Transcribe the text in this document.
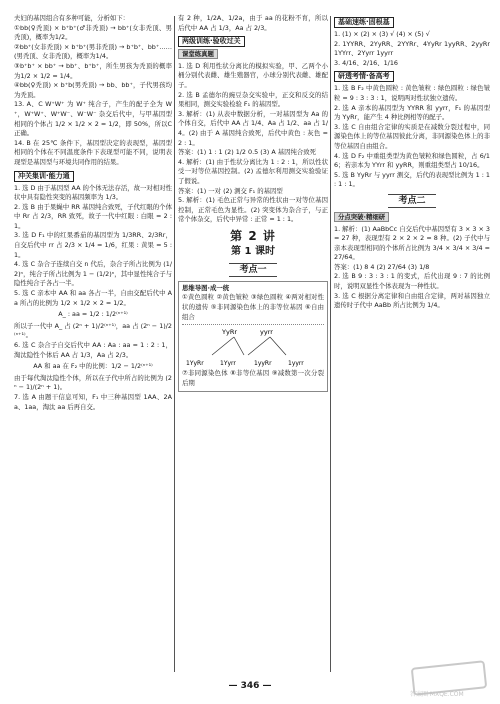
夫妇的基因组合有多种可能，分析如下：

①bb(♀秃顶) × b⁺b⁺(♂非秃顶) → bb⁺(女非秃顶、男秃顶)，概率为1/2。

②bb⁺(女非秃顶) × b⁺b⁺(男非秃顶) → b⁺b⁺、bb⁺……(男秃顶、女非秃顶)，概率为1/4。

③b⁺b⁺ × bb⁺ → bb⁺、b⁺b⁺，所生男孩为秃顶的概率为1/2 × 1/2 = 1/4。

④bb(♀秃顶) × b⁺b(男秃顶) → bb、bb⁺，子代男孩均为秃顶。

13. A、C W⁺W⁺ 为 W⁺ 纯合子，产生的配子全为 W⁺，W⁺W⁺、W⁺W⁻、W⁻W⁻ 杂交后代中，与甲基因型相同的个体占 1/2 × 1/2 × 2 = 1/2，即 50%，所以C正确。

14. B 在 25℃ 条件下，基因型决定的表现型，基因型相同的个体在不同温度条件下表现型可能不同，说明表现型是基因型与环境共同作用的结果。

冲关集训·能力通

1. 选 D 由于基因型 AA 的个体无法存活，故一对相对性状中具有隐性突变的基因频率为 1/3。

2. 选 B 由于果蝇中 RR 基因纯合致死，子代红眼的个体中 Rr 占 2/3，RR 致死，故子一代中红眼 : 白眼 = 2 : 1。

3. 选 D F₁ 中的红果番茄的基因型为 1/3RR、2/3Rr，自交后代中 rr 占 2/3 × 1/4 = 1/6，红果 : 黄果 = 5 : 1。

4. 选 C 杂合子连续自交 n 代后，杂合子所占比例为 (1/2)ⁿ，纯合子所占比例为 1 − (1/2)ⁿ，其中显性纯合子与隐性纯合子各占一半。

5. 选 C 亲本中 AA 和 aa 各占一半，自由交配后代中 Aa 所占的比例为 1/2 × 1/2 × 2 = 1/2。

A_ : aa = 1/2 : 1/2⁽ⁿ⁺¹⁾

所以子一代中 A_ 占 (2ⁿ + 1)/2⁽ⁿ⁺¹⁾，aa 占 (2ⁿ − 1)/2⁽ⁿ⁺¹⁾。

6. 选 C 杂合子自交后代中 AA : Aa : aa = 1 : 2 : 1，淘汰隐性个体后 AA 占 1/3，Aa 占 2/3。

AA 和 aa 在 F₂ 中的比例：1/2 − 1/2⁽ⁿ⁺¹⁾

由于每代淘汰隐性个体，所以在子代中所占的比例为 (2ⁿ − 1)/(2ⁿ + 1)。

7. 选 A 由题干信息可知，F₁ 中三种基因型 1AA、2Aa、1aa，淘汰 aa 后再自交。

有 2 种，1/2A、1/2a，由于 aa 的花粉不育，所以后代中 AA 占 1/3，Aa 占 2/3。

两级训练·验收过关
课堂练真题

1. 选 D 利用性状分离比的模拟实验，甲、乙两个小桶分别代表雌、雄生殖器官，小球分别代表雌、雄配子。

2. 选 B 孟德尔的豌豆杂交实验中，正交和反交的结果相同，测交实验检验 F₁ 的基因型。

3. 解析：(1) 从表中数据分析，一对基因型为 Aa 的个体自交，后代中 AA 占 1/4、Aa 占 1/2、aa 占 1/4。(2) 由于 A 基因纯合致死，后代中黄色 : 灰色 = 2 : 1。

答案：(1) 1 : 1 (2) 1/2 0.5 (3) A 基因纯合致死

4. 解析：(1) 由于性状分离比为 1 : 2 : 1，所以性状受一对等位基因控制。(2) 孟德尔利用测交实验验证了假说。

答案：(1) 一对 (2) 测交 F₁ 的基因型

5. 解析：(1) 毛色正常与异常的性状由一对等位基因控制，正常毛色为显性。(2) 突变体为杂合子，与正常个体杂交，后代中异常 : 正常 = 1 : 1。

第 2 讲
第 1 课时
考点一
思维导图·成一统

①黄色圆粒 ②黄色皱粒 ③绿色圆粒 ④两对相对性状的遗传 ⑤非同源染色体上的非等位基因 ⑥自由组合

YyRr	yyrr
1YyRr	1Yyrr	1yyRr	1yyrr

⑦非同源染色体 ⑧非等位基因 ⑨减数第一次分裂后期

基础速练·固根基

1. (1) × (2) × (3) √ (4) × (5) √

2. 1YYRR、2YyRR、2YYRr、4YyRr 1yyRR、2yyRr 1YYrr、2Yyrr 1yyrr

3. 4/16、2/16、1/16

研透考情·备高考

1. 选 B F₂ 中黄色圆粒 : 黄色皱粒 : 绿色圆粒 : 绿色皱粒 = 9 : 3 : 3 : 1，说明两对性状独立遗传。

2. 选 A 亲本的基因型为 YYRR 和 yyrr，F₁ 的基因型为 YyRr，能产生 4 种比例相等的配子。

3. 选 C 自由组合定律的实质是在减数分裂过程中，同源染色体上的等位基因彼此分离，非同源染色体上的非等位基因自由组合。

4. 选 D F₂ 中重组类型为黄色皱粒和绿色圆粒，占 6/16；若亲本为 YYrr 和 yyRR，则重组类型占 10/16。

5. 选 B YyRr 与 yyrr 测交，后代的表现型比例为 1 : 1 : 1 : 1。

考点二
分点突破·精细研

1. 解析：(1) AaBbCc 自交后代中基因型有 3 × 3 × 3 = 27 种，表现型有 2 × 2 × 2 = 8 种。(2) 子代中与亲本表现型相同的个体所占比例为 3/4 × 3/4 × 3/4 = 27/64。

答案：(1) 8 4 (2) 27/64 (3) 1/8

2. 选 B 9 : 3 : 3 : 1 的变式，后代出现 9 : 7 的比例时，说明双显性个体表现为一种性状。

3. 选 C 根据分离定律和自由组合定律，两对基因独立遗传时子代中 AaBb 所占比例为 1/4。

— 346 —
答案圈 MXQE.COM
